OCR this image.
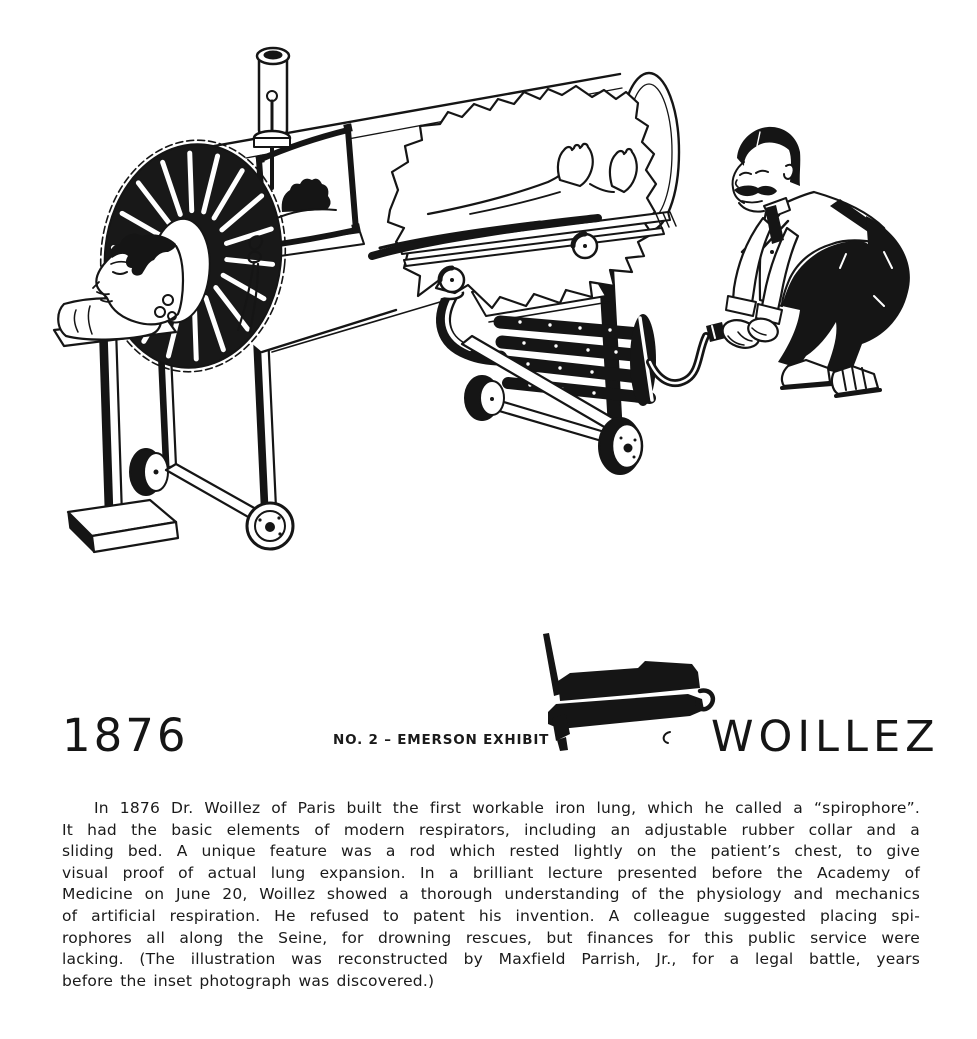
1876	NO. 2 – EMERSON EXHIBIT	WOILLEZ
In 1876 Dr. Woillez of Paris built the first workable iron lung, which he called a “spirophore”.
It had the basic elements of modern respirators, including an adjustable rubber collar and a
sliding bed. A unique feature was a rod which rested lightly on the patient’s chest, to give
visual proof of actual lung expansion. In a brilliant lecture presented before the Academy of
Medicine on June 20, Woillez showed a thorough understanding of the physiology and mechanics
of artificial respiration. He refused to patent his invention. A colleague suggested placing spi-
rophores all along the Seine, for drowning rescues, but finances for this public service were
lacking. (The illustration was reconstructed by Maxfield Parrish, Jr., for a legal battle, years
before the inset photograph was discovered.)
